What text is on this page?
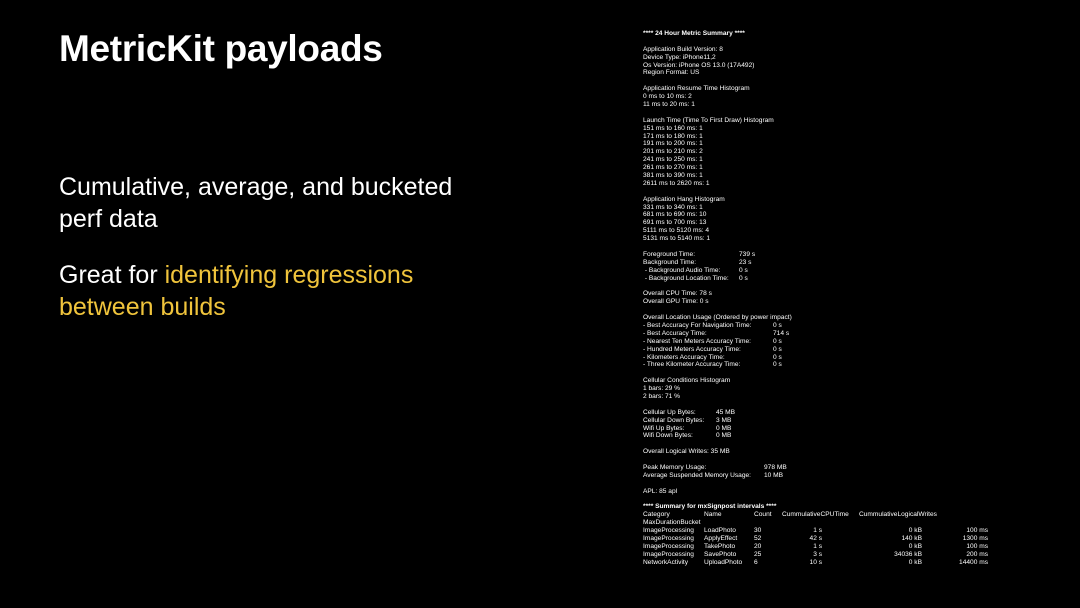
MetricKit payloads

Cumulative, average, and bucketed perf data

Great for identifying regressions between builds

**** 24 Hour Metric Summary ****
Application Build Version: 8
Device Type: iPhone11,2
Os Version: iPhone OS 13.0 (17A492)
Region Format: US
Application Resume Time Histogram
0 ms to 10 ms: 2
11 ms to 20 ms: 1
Launch Time (Time To First Draw) Histogram
151 ms to 160 ms: 1
171 ms to 180 ms: 1
191 ms to 200 ms: 1
201 ms to 210 ms: 2
241 ms to 250 ms: 1
261 ms to 270 ms: 1
381 ms to 390 ms: 1
2611 ms to 2620 ms: 1
Application Hang Histogram
331 ms to 340 ms: 1
681 ms to 690 ms: 10
691 ms to 700 ms: 13
5111 ms to 5120 ms: 4
5131 ms to 5140 ms: 1
Foreground Time:	739 s
Background Time:	23 s
- Background Audio Time:	0 s
- Background Location Time:	0 s
Overall CPU Time: 78 s
Overall GPU Time: 0 s
Overall Location Usage (Ordered by power impact)
- Best Accuracy For Navigation Time:	0 s
- Best Accuracy Time:	714 s
- Nearest Ten Meters Accuracy Time:	0 s
- Hundred Meters Accuracy Time:	0 s
- Kilometers Accuracy Time:	0 s
- Three Kilometer Accuracy Time:	0 s
Cellular Conditions Histogram
1 bars: 29 %
2 bars: 71 %
Cellular Up Bytes:	45 MB
Cellular Down Bytes:	3 MB
Wifi Up Bytes:	0 MB
Wifi Down Bytes:	0 MB
Overall Logical Writes: 35 MB
Peak Memory Usage:	978 MB
Average Suspended Memory Usage:	10 MB
APL: 85 apl
**** Summary for mxSignpost intervals ****
Category	Name	Count	CummulativeCPUTime	CummulativeLogicalWrites
MaxDurationBucket
ImageProcessing	LoadPhoto	30	1 s	0 kB	100 ms
ImageProcessing	ApplyEffect	52	42 s	140 kB	1300 ms
ImageProcessing	TakePhoto	20	1 s	0 kB	100 ms
ImageProcessing	SavePhoto	25	3 s	34036 kB	200 ms
NetworkActivity	UploadPhoto	6	10 s	0 kB	14400 ms
